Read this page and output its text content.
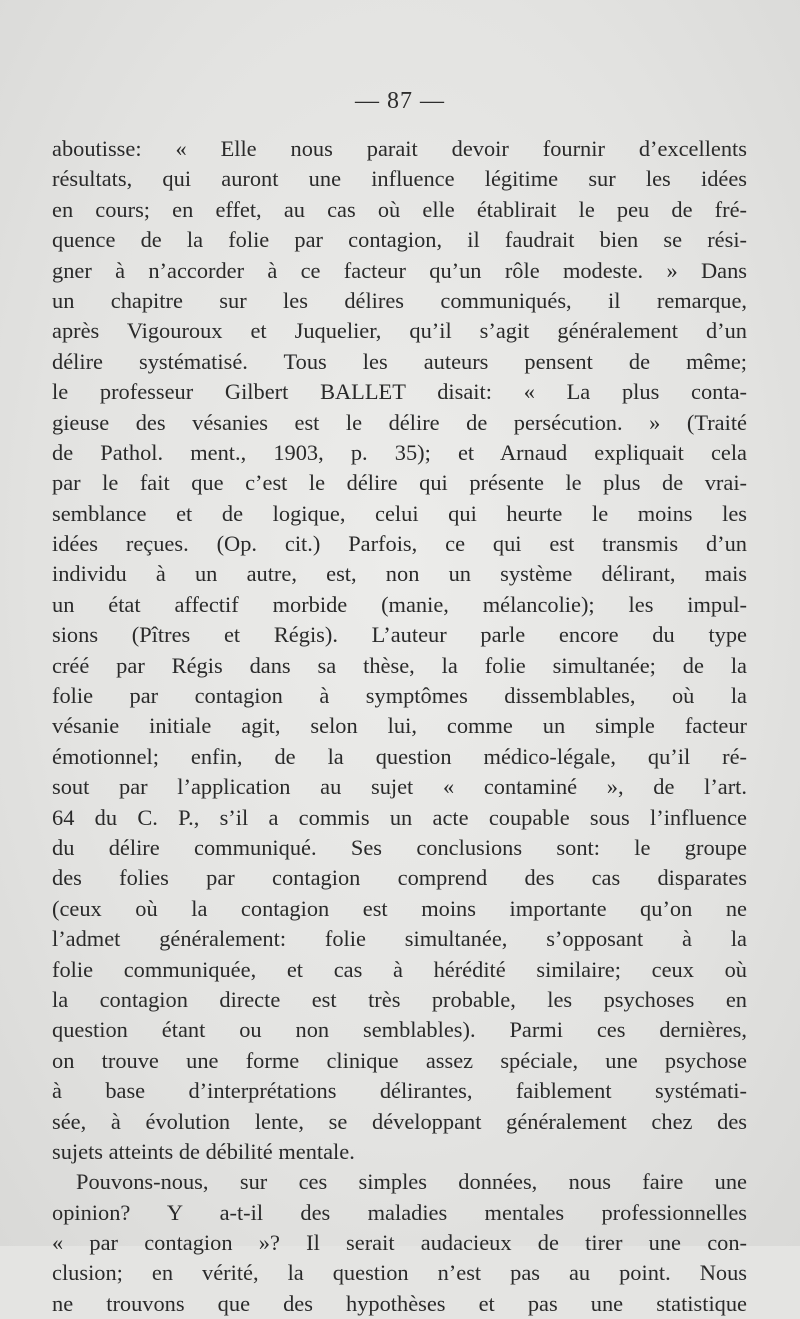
— 87 —
aboutisse: « Elle nous parait devoir fournir d’excellents
résultats, qui auront une influence légitime sur les idées
en cours; en effet, au cas où elle établirait le peu de fré-
quence de la folie par contagion, il faudrait bien se rési-
gner à n’accorder à ce facteur qu’un rôle modeste. » Dans
un chapitre sur les délires communiqués, il remarque,
après Vigouroux et Juquelier, qu’il s’agit généralement d’un
délire systématisé. Tous les auteurs pensent de même;
le professeur Gilbert BALLET disait: « La plus conta-
gieuse des vésanies est le délire de persécution. » (Traité
de Pathol. ment., 1903, p. 35); et Arnaud expliquait cela
par le fait que c’est le délire qui présente le plus de vrai-
semblance et de logique, celui qui heurte le moins les
idées reçues. (Op. cit.) Parfois, ce qui est transmis d’un
individu à un autre, est, non un système délirant, mais
un état affectif morbide (manie, mélancolie); les impul-
sions (Pîtres et Régis). L’auteur parle encore du type
créé par Régis dans sa thèse, la folie simultanée; de la
folie par contagion à symptômes dissemblables, où la
vésanie initiale agit, selon lui, comme un simple facteur
émotionnel; enfin, de la question médico-légale, qu’il ré-
sout par l’application au sujet « contaminé », de l’art.
64 du C. P., s’il a commis un acte coupable sous l’influence
du délire communiqué. Ses conclusions sont: le groupe
des folies par contagion comprend des cas disparates
(ceux où la contagion est moins importante qu’on ne
l’admet généralement: folie simultanée, s’opposant à la
folie communiquée, et cas à hérédité similaire; ceux où
la contagion directe est très probable, les psychoses en
question étant ou non semblables). Parmi ces dernières,
on trouve une forme clinique assez spéciale, une psychose
à base d’interprétations délirantes, faiblement systémati-
sée, à évolution lente, se développant généralement chez des
sujets atteints de débilité mentale.
Pouvons-nous, sur ces simples données, nous faire une
opinion? Y a-t-il des maladies mentales professionnelles
« par contagion »? Il serait audacieux de tirer une con-
clusion; en vérité, la question n’est pas au point. Nous
ne trouvons que des hypothèses et pas une statistique
